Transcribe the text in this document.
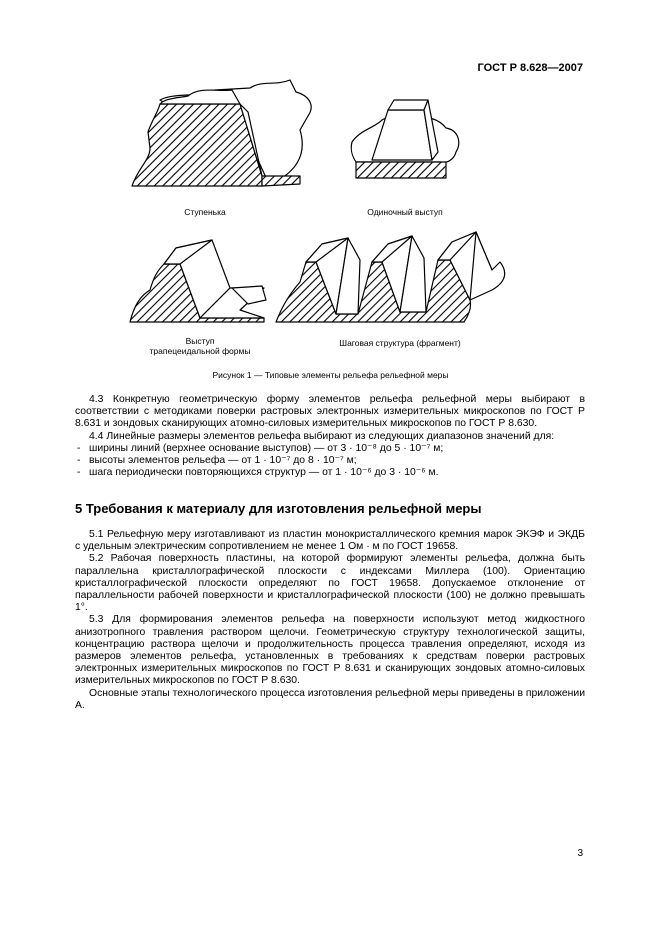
ГОСТ Р 8.628—2007
Ступенька	Одиночный выступ
Выступ
трапецеидальной формы
Шаговая структура (фрагмент)
Рисунок 1 — Типовые элементы рельефа рельефной меры

4.3 Конкретную геометрическую форму элементов рельефа рельефной меры выбирают в соответствии с методиками поверки растровых электронных измерительных микроскопов по ГОСТ Р 8.631 и зондовых сканирующих атомно-силовых измерительных микроскопов по ГОСТ Р 8.630.

4.4 Линейные размеры элементов рельефа выбирают из следующих диапазонов значений для:

- ширины линий (верхнее основание выступов) — от 3 · 10⁻⁸ до 5 · 10⁻⁷ м;

- высоты элементов рельефа — от 1 · 10⁻⁷ до 8 · 10⁻⁷ м;

- шага периодически повторяющихся структур — от 1 · 10⁻⁶ до 3 · 10⁻⁶ м.

5 Требования к материалу для изготовления рельефной меры

5.1 Рельефную меру изготавливают из пластин монокристаллического кремния марок ЭКЭФ и ЭКДБ с удельным электрическим сопротивлением не менее 1 Ом · м по ГОСТ 19658.

5.2 Рабочая поверхность пластины, на которой формируют элементы рельефа, должна быть параллельна кристаллографической плоскости с индексами Миллера (100). Ориентацию кристаллографической плоскости определяют по ГОСТ 19658. Допускаемое отклонение от параллельности рабочей поверхности и кристаллографической плоскости (100) не должно превышать 1°.

5.3 Для формирования элементов рельефа на поверхности используют метод жидкостного анизотропного травления раствором щелочи. Геометрическую структуру технологической защиты, концентрацию раствора щелочи и продолжительность процесса травления определяют, исходя из размеров элементов рельефа, установленных в требованиях к средствам поверки растровых электронных измерительных микроскопов по ГОСТ Р 8.631 и сканирующих зондовых атомно-силовых измерительных микроскопов по ГОСТ Р 8.630.

Основные этапы технологического процесса изготовления рельефной меры приведены в приложении А.

3
